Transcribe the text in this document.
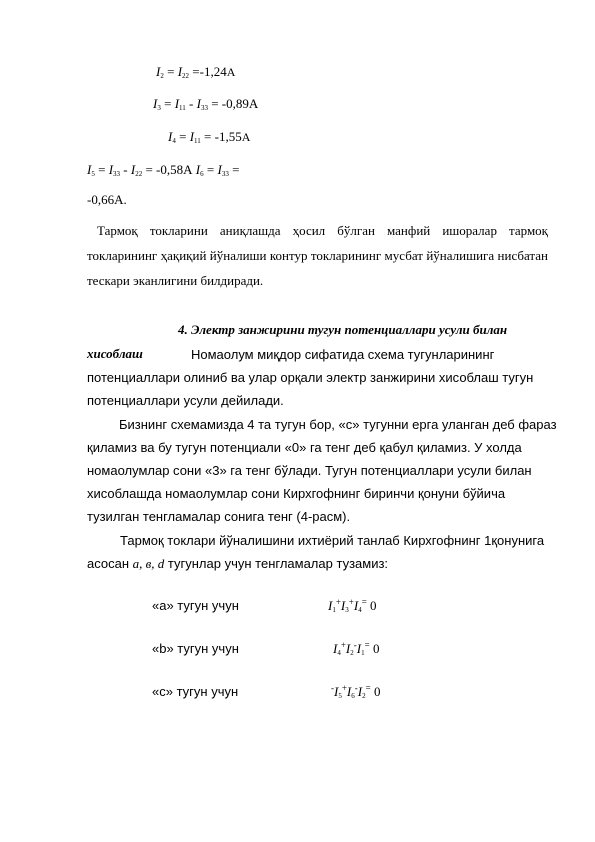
$I_2 = I_{22} =-1,24А$
$I_3 = I_{11} - I_{33} = -0,89А$
$I_4 = I_{11} = -1,55А$
$I_5 = I_{33} - I_{22} = -0,58А$ $I_6 = I_{33}$ =
-0,66А.
Тармоқ токларини аниқлашда ҳосил бўлган манфий ишоралар тармоқ токларининг ҳақиқий йўналиши контур токларининг мусбат йўналишига нисбатан тескари эканлигини билдиради.
4. Электр занжирини тугун потенциаллари усули билан
хисоблаш	Номаолум миқдор сифатида схема тугунларининг
потенциаллари олиниб ва улар орқали электр занжирини хисоблаш тугун
потенциаллари усули дейилади.
Бизнинг схемамизда 4 та тугун бор, «с» тугунни ерга уланган деб фараз
қиламиз ва бу тугун потенциали «0» га тенг деб қабул қиламиз. У холда
номаолумлар сони «3» га тенг бўлади. Тугун потенциаллари усули билан
хисоблашда номаолумлар сони Кирхгофнинг биринчи қонуни бўйича
тузилган тенгламалар сонига тенг (4-расм).
Тармоқ токлари йўналишини ихтиёрий танлаб Кирхгофнинг 1қонунига
асосан a, в, d тугунлар учун тенгламалар тузамиз:
«а» тугун учун	$I_1^+I_3^+I_4^=$ 0
«b» тугун учун	$I_4^+I_2^-I_1^=$ 0
«c» тугун учун	$^-I_5^+I_6^-I_2^=$ 0
